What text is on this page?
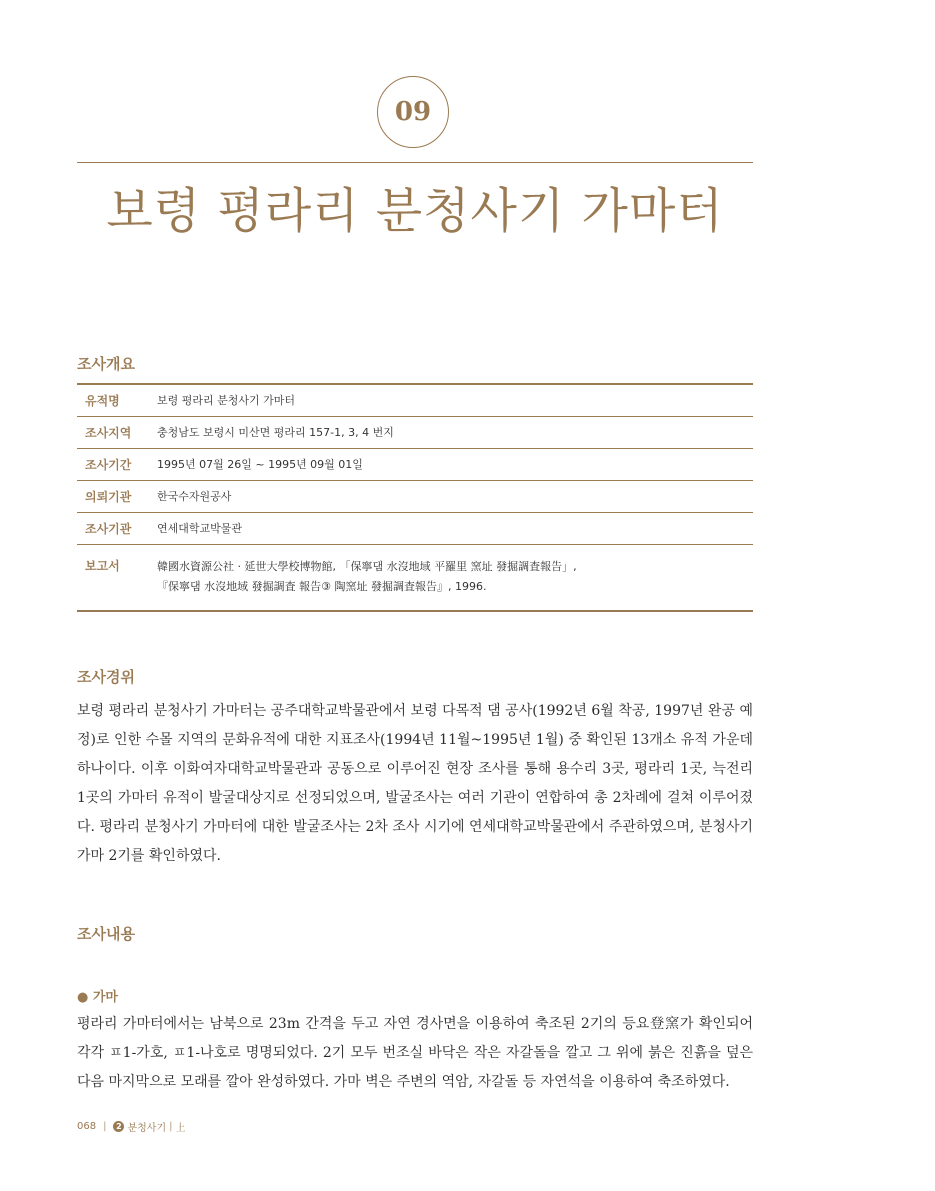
09
보령 평라리 분청사기 가마터
조사개요
유적명	보령 평라리 분청사기 가마터
조사지역	충청남도 보령시 미산면 평라리 157-1, 3, 4 번지
조사기간	1995년 07월 26일 ~ 1995년 09월 01일
의뢰기관	한국수자원공사
조사기관	연세대학교박물관
보고서	韓國水資源公社 · 延世大學校博物館, 「保寧댐 水沒地域 平羅里 窯址 發掘調査報告」,
『保寧댐 水沒地域 發掘調査 報告③ 陶窯址 發掘調査報告』, 1996.
조사경위

보령 평라리 분청사기 가마터는 공주대학교박물관에서 보령 다목적 댐 공사(1992년 6월 착공, 1997년 완공 예정)로 인한 수몰 지역의 문화유적에 대한 지표조사(1994년 11월~1995년 1월) 중 확인된 13개소 유적 가운데 하나이다. 이후 이화여자대학교박물관과 공동으로 이루어진 현장 조사를 통해 용수리 3곳, 평라리 1곳, 늑전리 1곳의 가마터 유적이 발굴대상지로 선정되었으며, 발굴조사는 여러 기관이 연합하여 총 2차례에 걸쳐 이루어졌다. 평라리 분청사기 가마터에 대한 발굴조사는 2차 조사 시기에 연세대학교박물관에서 주관하였으며, 분청사기 가마 2기를 확인하였다.

조사내용
● 가마

평라리 가마터에서는 남북으로 23m 간격을 두고 자연 경사면을 이용하여 축조된 2기의 등요登窯가 확인되어 각각 ㅍ1-가호, ㅍ1-나호로 명명되었다. 2기 모두 번조실 바닥은 작은 자갈돌을 깔고 그 위에 붉은 진흙을 덮은 다음 마지막으로 모래를 깔아 완성하였다. 가마 벽은 주변의 역암, 자갈돌 등 자연석을 이용하여 축조하였다.

068 |	2 분청사기 | 上
